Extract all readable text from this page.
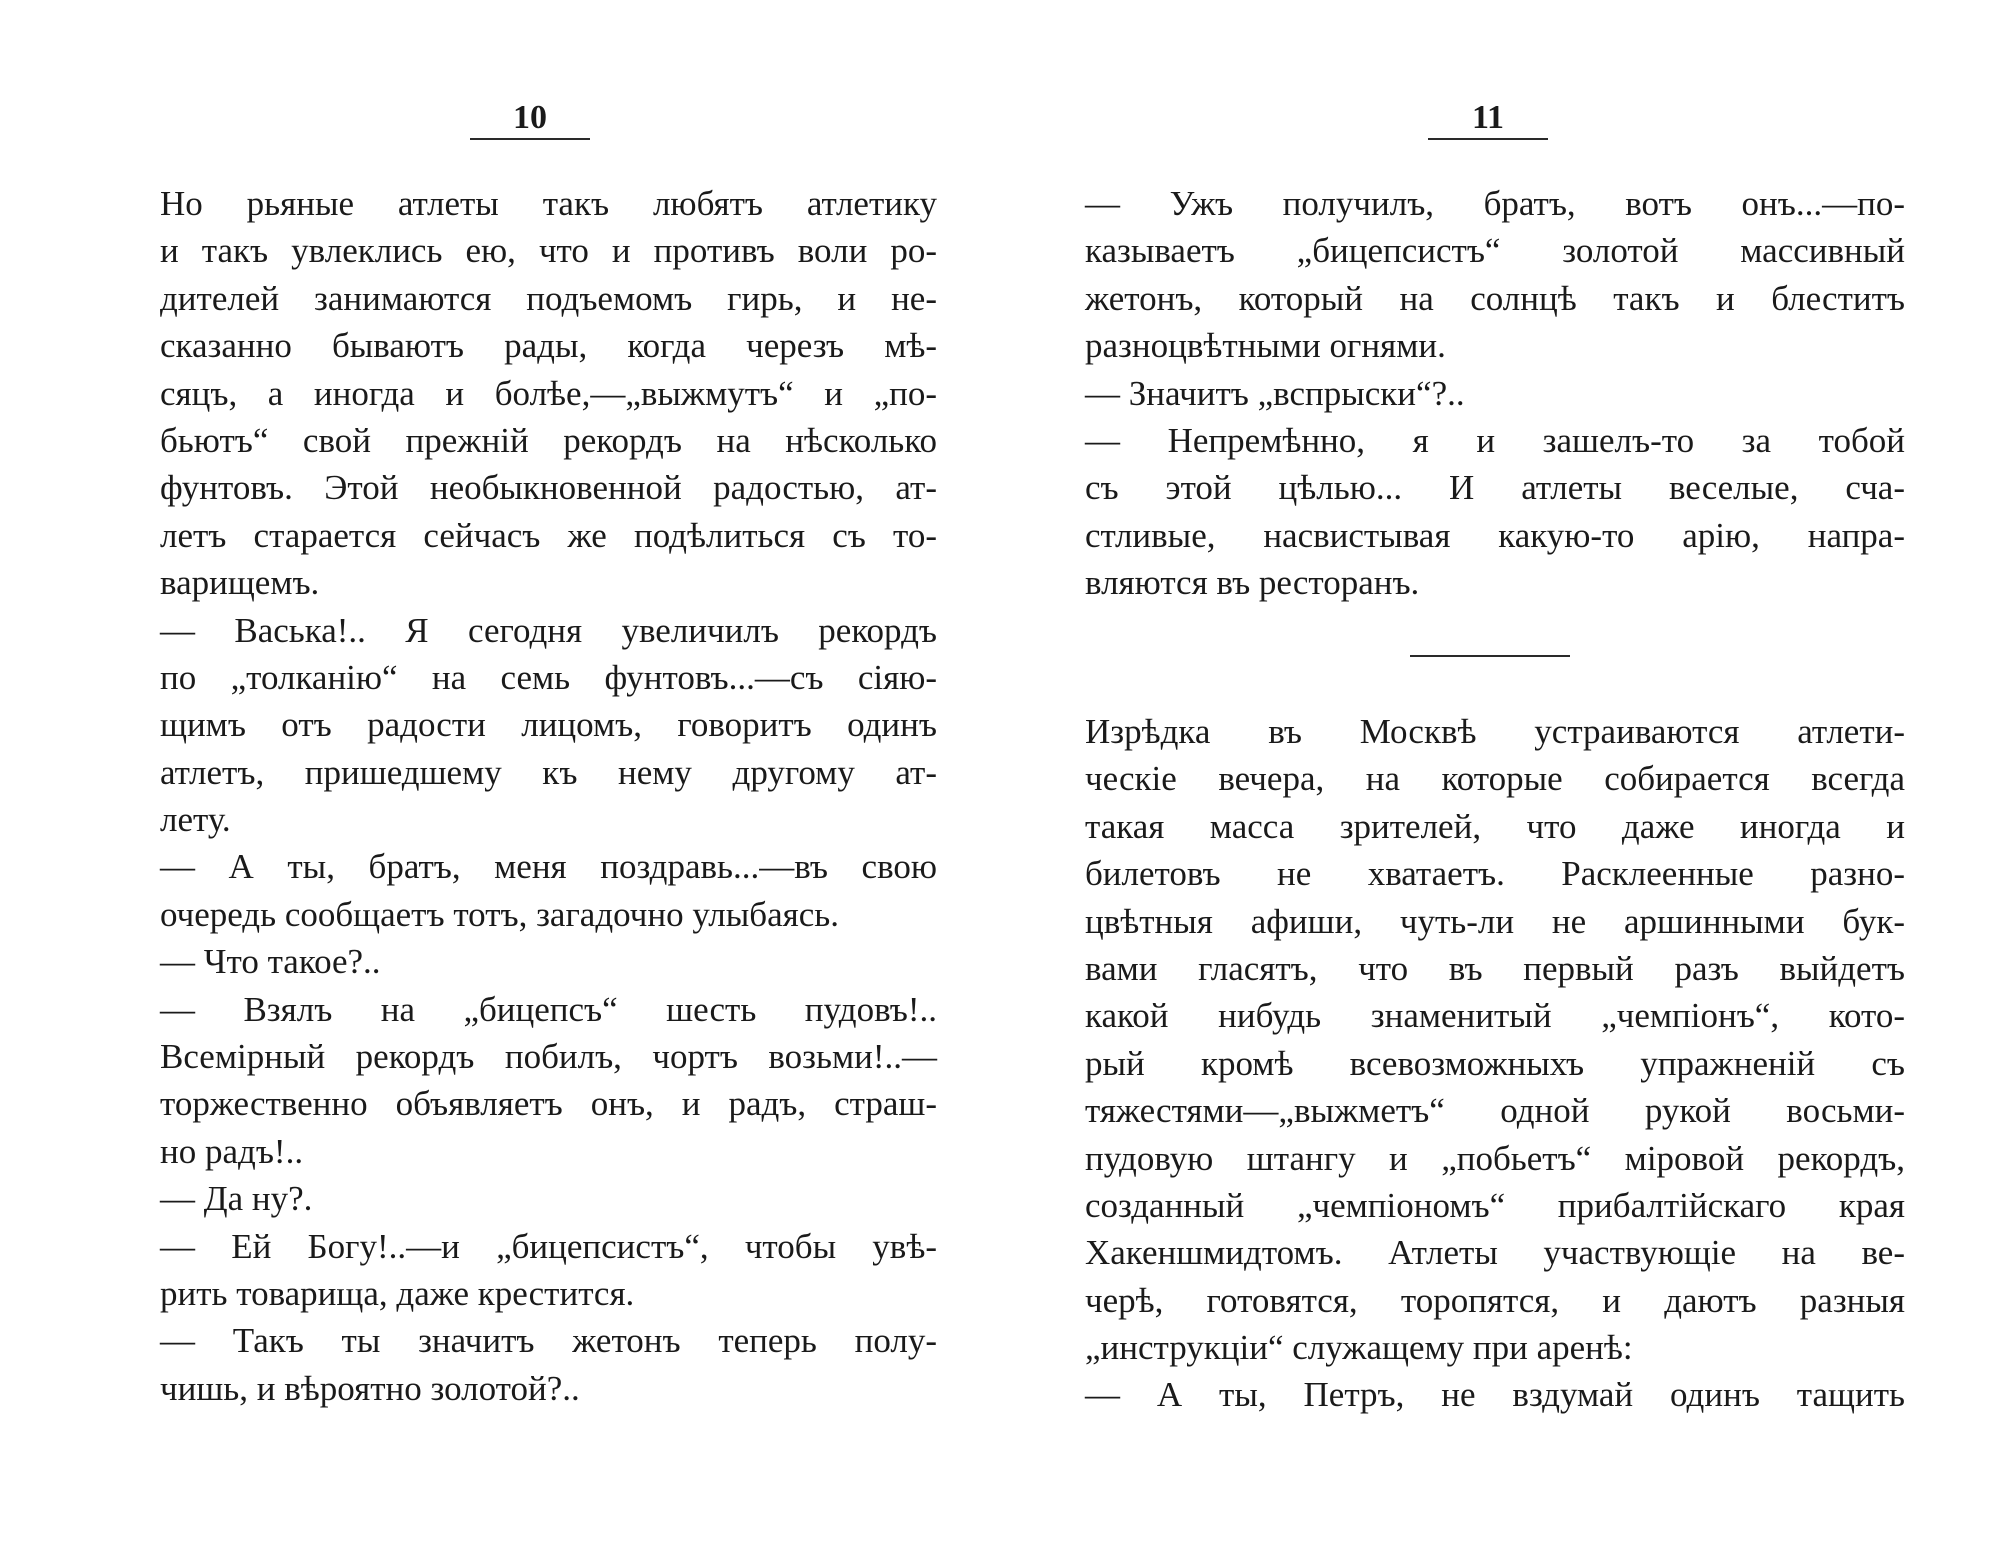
10
Но рьяные атлеты такъ любятъ атлетику
и такъ увлеклись ею, что и противъ воли ро-
дителей занимаются подъемомъ гирь, и не-
сказанно бываютъ рады, когда черезъ мѣ-
сяцъ, а иногда и болѣе,—„выжмутъ“ и „по-
бьютъ“ свой прежній рекордъ на нѣсколько
фунтовъ. Этой необыкновенной радостью, ат-
летъ старается сейчасъ же подѣлиться съ то-
варищемъ.
— Васька!.. Я сегодня увеличилъ рекордъ
по „толканію“ на семь фунтовъ...—съ сіяю-
щимъ отъ радости лицомъ, говоритъ одинъ
атлетъ, пришедшему къ нему другому ат-
лету.
— А ты, братъ, меня поздравь...—въ свою
очередь сообщаетъ тотъ, загадочно улыбаясь.
— Что такое?..
— Взялъ на „бицепсъ“ шесть пудовъ!..
Всемірный рекордъ побилъ, чортъ возьми!..—
торжественно объявляетъ онъ, и радъ, страш-
но радъ!..
— Да ну?.
— Ей Богу!..—и „бицепсистъ“, чтобы увѣ-
рить товарища, даже крестится.
— Такъ ты значитъ жетонъ теперь полу-
чишь, и вѣроятно золотой?..
11
— Ужъ получилъ, братъ, вотъ онъ...—по-
казываетъ „бицепсистъ“ золотой массивный
жетонъ, который на солнцѣ такъ и блеститъ
разноцвѣтными огнями.
— Значитъ „вспрыски“?..
— Непремѣнно, я и зашелъ-то за тобой
съ этой цѣлью... И атлеты веселые, сча-
стливые, насвистывая какую-то арію, напра-
вляются въ ресторанъ.
Изрѣдка въ Москвѣ устраиваются атлети-
ческіе вечера, на которые собирается всегда
такая масса зрителей, что даже иногда и
билетовъ не хватаетъ. Расклеенные разно-
цвѣтныя афиши, чуть-ли не аршинными бук-
вами гласятъ, что въ первый разъ выйдетъ
какой нибудь знаменитый „чемпіонъ“, кото-
рый кромѣ всевозможныхъ упражненій съ
тяжестями—„выжметъ“ одной рукой восьми-
пудовую штангу и „побьетъ“ міровой рекордъ,
созданный „чемпіономъ“ прибалтійскаго края
Хакеншмидтомъ. Атлеты участвующіе на ве-
черѣ, готовятся, торопятся, и даютъ разныя
„инструкціи“ служащему при аренѣ:
— А ты, Петръ, не вздумай одинъ тащить
